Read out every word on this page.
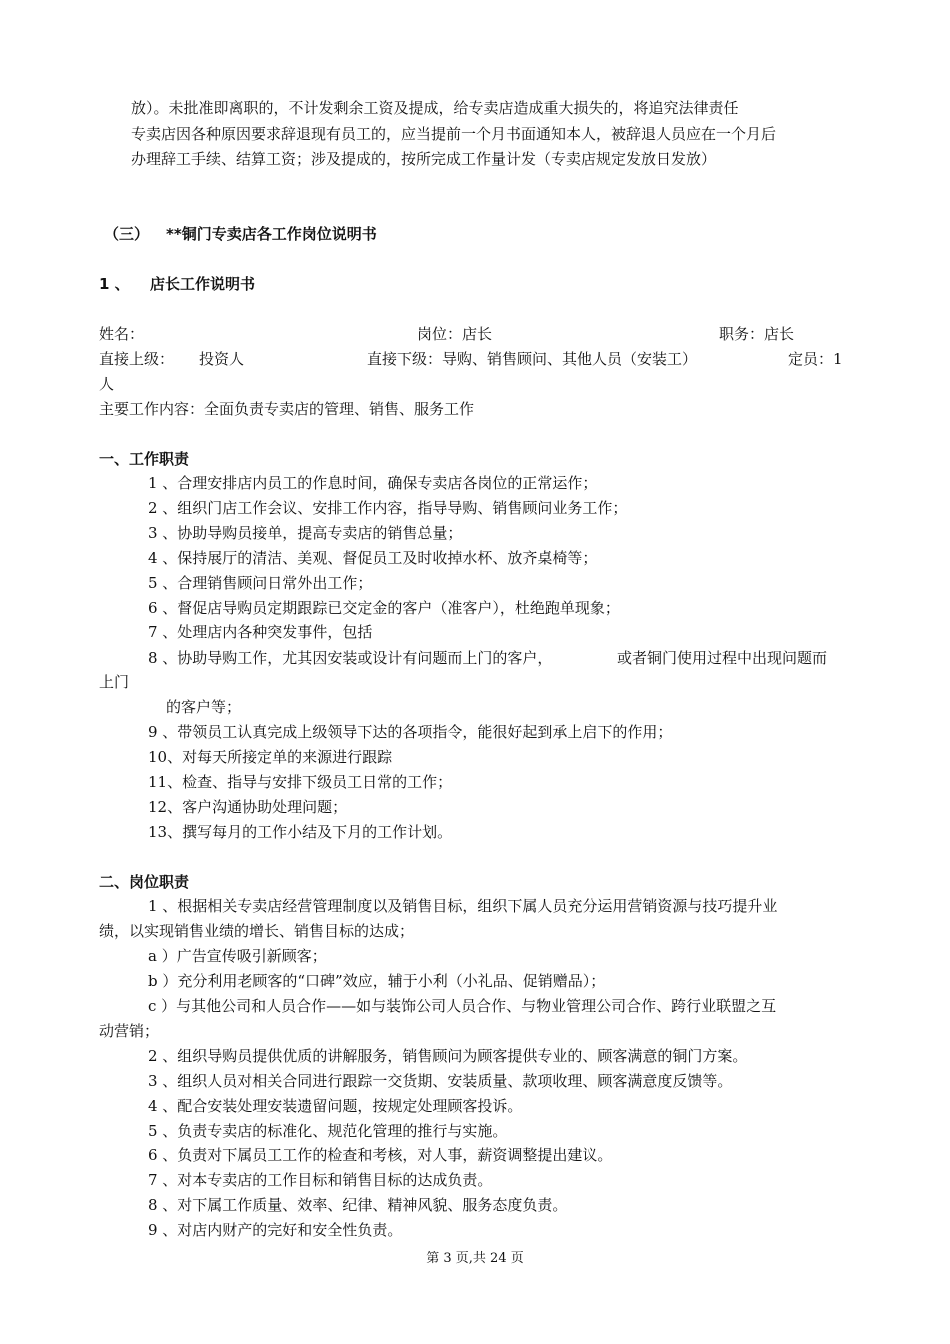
放）。未批准即离职的，不计发剩余工资及提成，给专卖店造成重大损失的，将追究法律责任
专卖店因各种原因要求辞退现有员工的，应当提前一个月书面通知本人，被辞退人员应在一个月后
办理辞工手续、结算工资；涉及提成的，按所完成工作量计发（专卖店规定发放日发放）
（三） **铜门专卖店各工作岗位说明书
1 、 店长工作说明书
姓名：	岗位：店长	职务：店长
直接上级： 投资人	直接下级：导购、销售顾问、其他人员（安装工）	定员：1
人
主要工作内容：全面负责专卖店的管理、销售、服务工作
一、工作职责
1 、合理安排店内员工的作息时间，确保专卖店各岗位的正常运作；
2 、组织门店工作会议、安排工作内容，指导导购、销售顾问业务工作；
3 、协助导购员接单，提高专卖店的销售总量；
4 、保持展厅的清洁、美观、督促员工及时收掉水杯、放齐桌椅等；
5 、合理销售顾问日常外出工作；
6 、督促店导购员定期跟踪已交定金的客户（准客户），杜绝跑单现象；
7 、处理店内各种突发事件，包括
8 、协助导购工作，尤其因安装或设计有问题而上门的客户，	或者铜门使用过程中出现问题而
上门
的客户等；
9 、带领员工认真完成上级领导下达的各项指令，能很好起到承上启下的作用；
10、对每天所接定单的来源进行跟踪
11、检查、指导与安排下级员工日常的工作；
12、客户沟通协助处理问题；
13、撰写每月的工作小结及下月的工作计划。
二、岗位职责
1 、根据相关专卖店经营管理制度以及销售目标，组织下属人员充分运用营销资源与技巧提升业
绩，以实现销售业绩的增长、销售目标的达成；
a ）广告宣传吸引新顾客；
b ）充分利用老顾客的“口碑”效应，辅于小利（小礼品、促销赠品）；
c ）与其他公司和人员合作——如与装饰公司人员合作、与物业管理公司合作、跨行业联盟之互
动营销；
2 、组织导购员提供优质的讲解服务，销售顾问为顾客提供专业的、顾客满意的铜门方案。
3 、组织人员对相关合同进行跟踪一交货期、安装质量、款项收理、顾客满意度反馈等。
4 、配合安装处理安装遗留问题，按规定处理顾客投诉。
5 、负责专卖店的标准化、规范化管理的推行与实施。
6 、负责对下属员工工作的检查和考核，对人事，薪资调整提出建议。
7 、对本专卖店的工作目标和销售目标的达成负责。
8 、对下属工作质量、效率、纪律、精神风貌、服务态度负责。
9 、对店内财产的完好和安全性负责。
第 3 页,共 24 页
